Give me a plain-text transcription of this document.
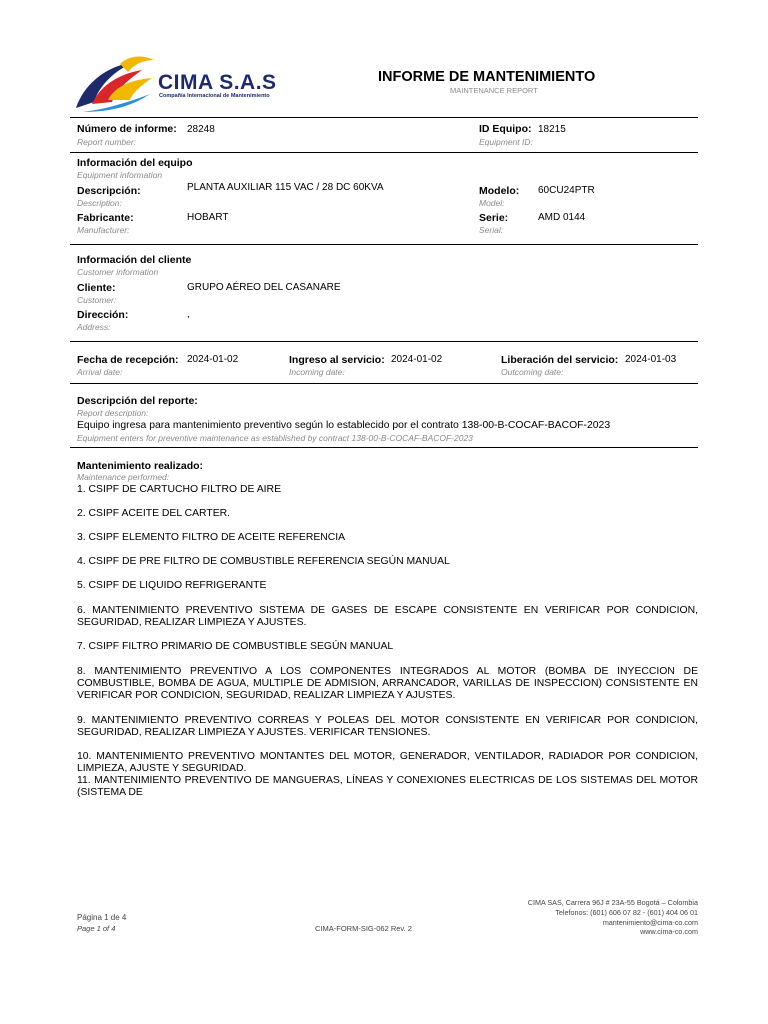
CIMA S.A.S
Compañía Internacional de Mantenimiento
INFORME DE MANTENIMIENTO
MAINTENANCE REPORT
Número de informe: 28248
Report number:
ID Equipo: 18215
Equipment ID:
Información del equipo
Equipment information
Descripción:	PLANTA AUXILIAR 115 VAC / 28 DC 60KVA
Description:
Modelo: 60CU24PTR
Model:
Fabricante:	HOBART
Manufacturer:
Serie:	AMD 0144
Serial:
Información del cliente
Customer information
Cliente:	GRUPO AÉREO DEL CASANARE
Customer:
Dirección:	,
Address:
Fecha de recepción: 2024-01-02
Arrival date:
Ingreso al servicio: 2024-01-02
Incoming date:
Liberación del servicio: 2024-01-03
Outcoming date:
Descripción del reporte:
Report description:
Equipo ingresa para mantenimiento preventivo según lo establecido por el contrato 138-00-B-COCAF-BACOF-2023
Equipment enters for preventive maintenance as established by contract 138-00-B-COCAF-BACOF-2023
Mantenimiento realizado:
Maintenance performed:
1. CSIPF DE CARTUCHO FILTRO DE AIRE
2. CSIPF ACEITE DEL CARTER.
3. CSIPF ELEMENTO FILTRO DE ACEITE REFERENCIA
4. CSIPF DE PRE FILTRO DE COMBUSTIBLE REFERENCIA SEGÚN MANUAL
5. CSIPF DE LIQUIDO REFRIGERANTE
6. MANTENIMIENTO PREVENTIVO SISTEMA DE GASES DE ESCAPE CONSISTENTE EN VERIFICAR POR CONDICION, SEGURIDAD, REALIZAR LIMPIEZA Y AJUSTES.
7. CSIPF FILTRO PRIMARIO DE COMBUSTIBLE SEGÚN MANUAL
8. MANTENIMIENTO PREVENTIVO A LOS COMPONENTES INTEGRADOS AL MOTOR (BOMBA DE INYECCION DE COMBUSTIBLE, BOMBA DE AGUA, MULTIPLE DE ADMISION, ARRANCADOR, VARILLAS DE INSPECCION) CONSISTENTE EN VERIFICAR POR CONDICION, SEGURIDAD, REALIZAR LIMPIEZA Y AJUSTES.
9. MANTENIMIENTO PREVENTIVO CORREAS Y POLEAS DEL MOTOR CONSISTENTE EN VERIFICAR POR CONDICION, SEGURIDAD, REALIZAR LIMPIEZA Y AJUSTES. VERIFICAR TENSIONES.
10. MANTENIMIENTO PREVENTIVO MONTANTES DEL MOTOR, GENERADOR, VENTILADOR, RADIADOR POR CONDICION, LIMPIEZA, AJUSTE Y SEGURIDAD.
11. MANTENIMIENTO PREVENTIVO DE MANGUERAS, LÍNEAS Y CONEXIONES ELECTRICAS DE LOS SISTEMAS DEL MOTOR (SISTEMA DE
Página 1 de 4
Page 1 of 4	CIMA-FORM-SIG-062 Rev. 2
CIMA SAS, Carrera 96J # 23A-55 Bogotá – Colombia
Telefonos: (601) 606 07 82 - (601) 404 06 01
mantenimiento@cima-co.com
www.cima-co.com
